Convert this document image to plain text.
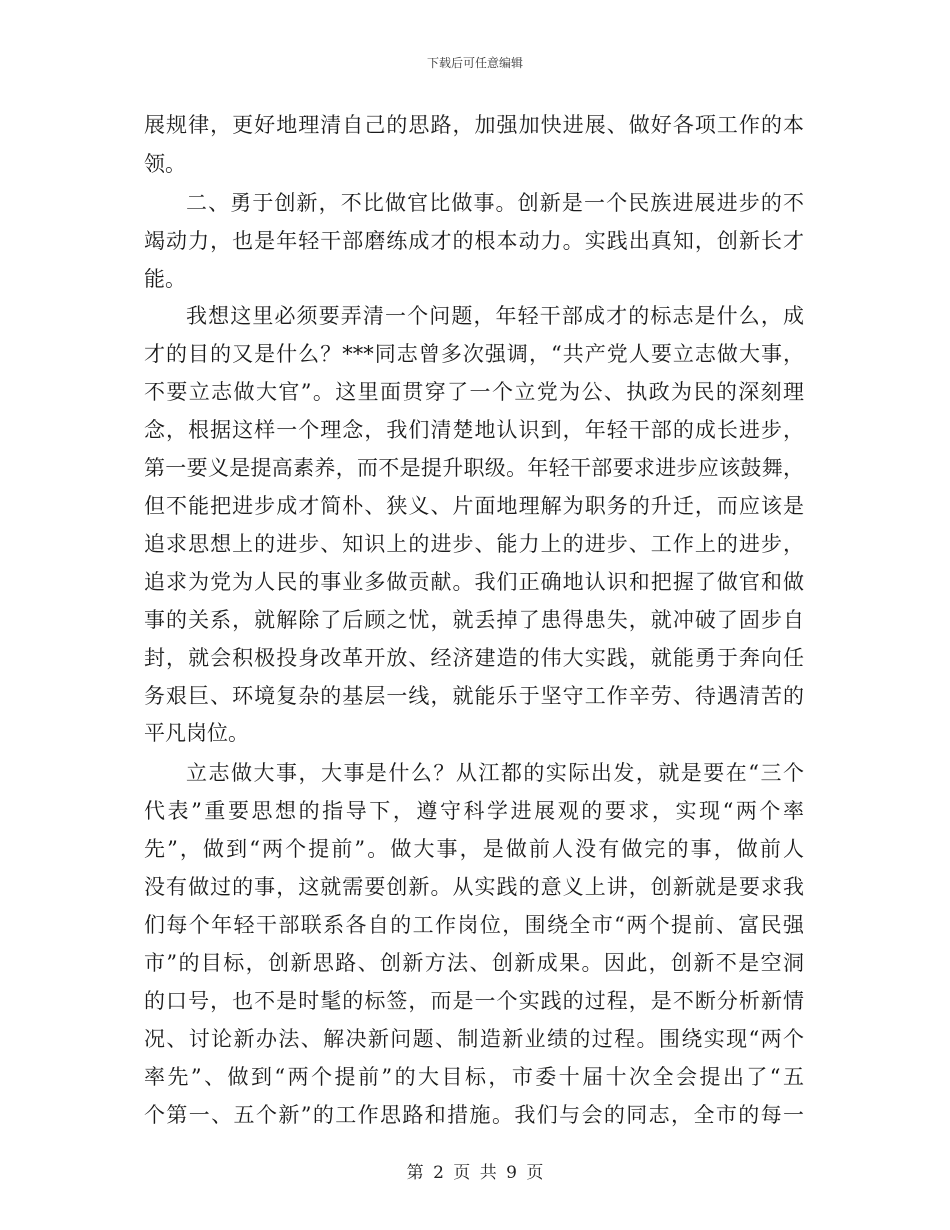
下载后可任意编辑
展规律，更好地理清自己的思路，加强加快进展、做好各项工作的本
领。
二、勇于创新，不比做官比做事。创新是一个民族进展进步的不
竭动力，也是年轻干部磨练成才的根本动力。实践出真知，创新长才
能。
我想这里必须要弄清一个问题，年轻干部成才的标志是什么，成
才的目的又是什么？***同志曾多次强调，“共产党人要立志做大事，
不要立志做大官”。这里面贯穿了一个立党为公、执政为民的深刻理
念，根据这样一个理念，我们清楚地认识到，年轻干部的成长进步，
第一要义是提高素养，而不是提升职级。年轻干部要求进步应该鼓舞，
但不能把进步成才简朴、狭义、片面地理解为职务的升迁，而应该是
追求思想上的进步、知识上的进步、能力上的进步、工作上的进步，
追求为党为人民的事业多做贡献。我们正确地认识和把握了做官和做
事的关系，就解除了后顾之忧，就丢掉了患得患失，就冲破了固步自
封，就会积极投身改革开放、经济建造的伟大实践，就能勇于奔向任
务艰巨、环境复杂的基层一线，就能乐于坚守工作辛劳、待遇清苦的
平凡岗位。
立志做大事，大事是什么？从江都的实际出发，就是要在“三个
代表”重要思想的指导下，遵守科学进展观的要求，实现“两个率
先”，做到“两个提前”。做大事，是做前人没有做完的事，做前人
没有做过的事，这就需要创新。从实践的意义上讲，创新就是要求我
们每个年轻干部联系各自的工作岗位，围绕全市“两个提前、富民强
市”的目标，创新思路、创新方法、创新成果。因此，创新不是空洞
的口号，也不是时髦的标签，而是一个实践的过程，是不断分析新情
况、讨论新办法、解决新问题、制造新业绩的过程。围绕实现“两个
率先”、做到“两个提前”的大目标，市委十届十次全会提出了“五
个第一、五个新”的工作思路和措施。我们与会的同志，全市的每一
第 2 页 共 9 页
